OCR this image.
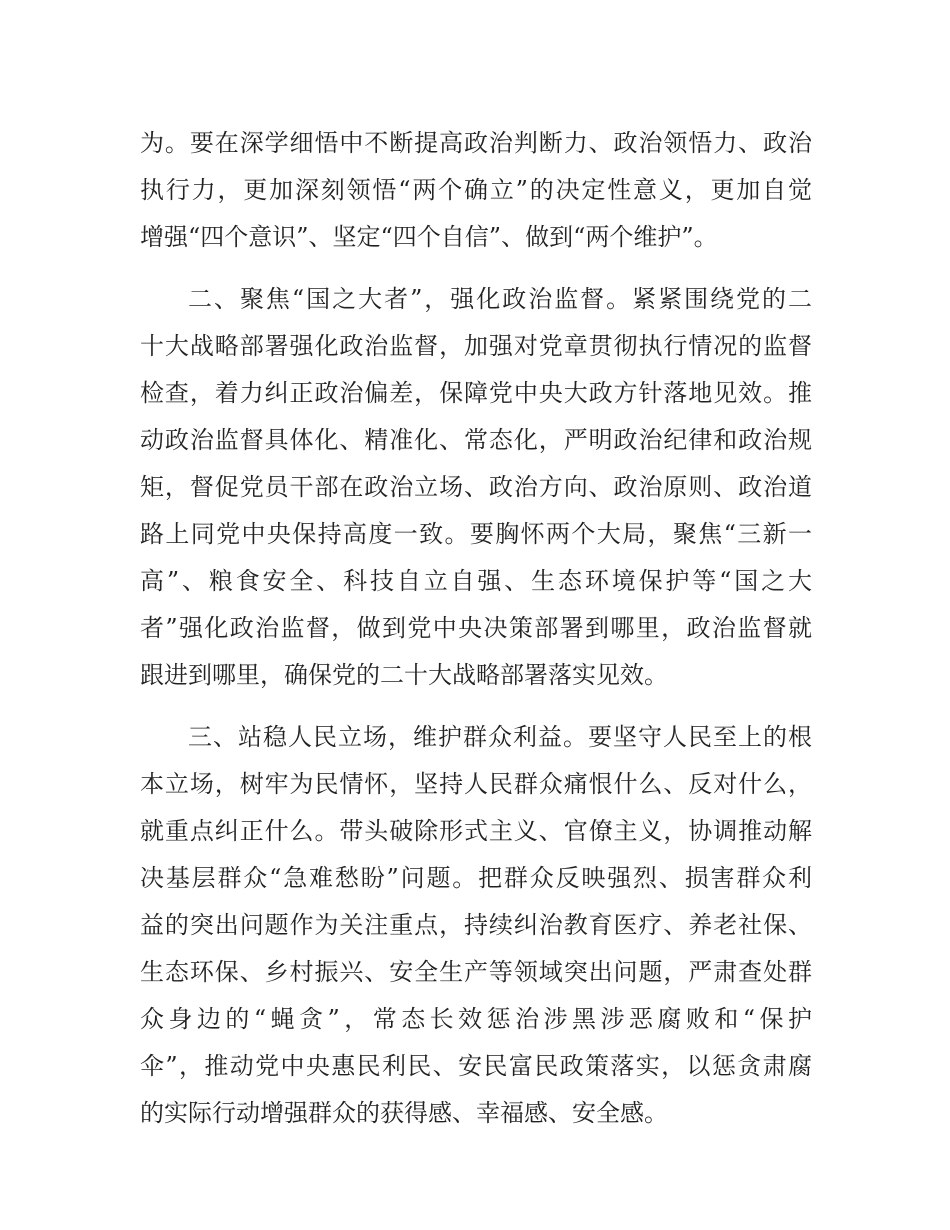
为。要在深学细悟中不断提高政治判断力、政治领悟力、政治
执行力，更加深刻领悟“两个确立”的决定性意义，更加自觉
增强“四个意识”、坚定“四个自信”、做到“两个维护”。
二、聚焦“国之大者”，强化政治监督。紧紧围绕党的二
十大战略部署强化政治监督，加强对党章贯彻执行情况的监督
检查，着力纠正政治偏差，保障党中央大政方针落地见效。推
动政治监督具体化、精准化、常态化，严明政治纪律和政治规
矩，督促党员干部在政治立场、政治方向、政治原则、政治道
路上同党中央保持高度一致。要胸怀两个大局，聚焦“三新一
高”、粮食安全、科技自立自强、生态环境保护等“国之大
者”强化政治监督，做到党中央决策部署到哪里，政治监督就
跟进到哪里，确保党的二十大战略部署落实见效。
三、站稳人民立场，维护群众利益。要坚守人民至上的根
本立场，树牢为民情怀，坚持人民群众痛恨什么、反对什么，
就重点纠正什么。带头破除形式主义、官僚主义，协调推动解
决基层群众“急难愁盼”问题。把群众反映强烈、损害群众利
益的突出问题作为关注重点，持续纠治教育医疗、养老社保、
生态环保、乡村振兴、安全生产等领域突出问题，严肃查处群
众身边的“蝇贪”，常态长效惩治涉黑涉恶腐败和“保护
伞”，推动党中央惠民利民、安民富民政策落实，以惩贪肃腐
的实际行动增强群众的获得感、幸福感、安全感。
